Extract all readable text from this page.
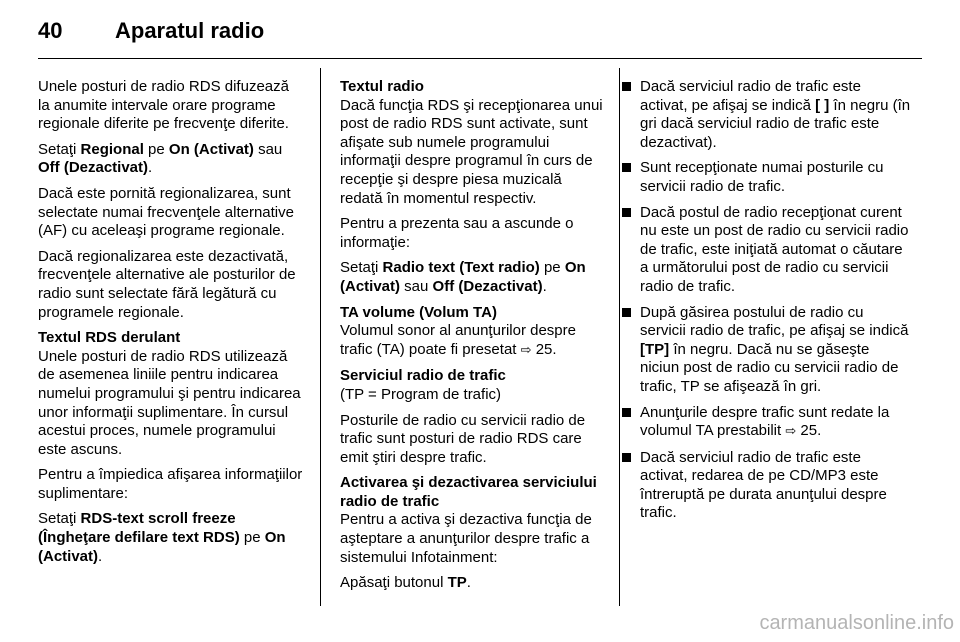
40 Aparatul radio

Unele posturi de radio RDS difuzează la anumite intervale orare programe regionale diferite pe frecvenţe diferite.

Setaţi Regional pe On (Activat) sau Off (Dezactivat).

Dacă este pornită regionalizarea, sunt selectate numai frecvenţele alternative (AF) cu aceleaşi programe regionale.

Dacă regionalizarea este dezactivată, frecvenţele alternative ale posturilor de radio sunt selectate fără legătură cu programele regionale.

Textul RDS derulant
Unele posturi de radio RDS utilizează de asemenea liniile pentru indicarea numelui programului şi pentru indicarea unor informaţii suplimentare. În cursul acestui proces, numele programului este ascuns.

Pentru a împiedica afişarea informaţiilor suplimentare:

Setaţi RDS-text scroll freeze (Îngheţare defilare text RDS) pe On (Activat).

Textul radio
Dacă funcţia RDS şi recepţionarea unui post de radio RDS sunt activate, sunt afişate sub numele programului informaţii despre programul în curs de recepţie şi despre piesa muzicală redată în momentul respectiv.

Pentru a prezenta sau a ascunde o informaţie:

Setaţi Radio text (Text radio) pe On (Activat) sau Off (Dezactivat).

TA volume (Volum TA)
Volumul sonor al anunţurilor despre trafic (TA) poate fi presetat ⇨ 25.

Serviciul radio de trafic
(TP = Program de trafic)

Posturile de radio cu servicii radio de trafic sunt posturi de radio RDS care emit ştiri despre trafic.

Activarea şi dezactivarea serviciului radio de trafic
Pentru a activa şi dezactiva funcţia de aşteptare a anunţurilor despre trafic a sistemului Infotainment:

Apăsaţi butonul TP.

Dacă serviciul radio de trafic este activat, pe afişaj se indică [ ] în negru (în gri dacă serviciul radio de trafic este dezactivat).
Sunt recepţionate numai posturile cu servicii radio de trafic.
Dacă postul de radio recepţionat curent nu este un post de radio cu servicii radio de trafic, este iniţiată automat o căutare a următorului post de radio cu servicii radio de trafic.
După găsirea postului de radio cu servicii radio de trafic, pe afişaj se indică [TP] în negru. Dacă nu se găseşte niciun post de radio cu servicii radio de trafic, TP se afişează în gri.
Anunţurile despre trafic sunt redate la volumul TA prestabilit ⇨ 25.
Dacă serviciul radio de trafic este activat, redarea de pe CD/MP3 este întreruptă pe durata anunţului despre trafic.
carmanualsonline.info
